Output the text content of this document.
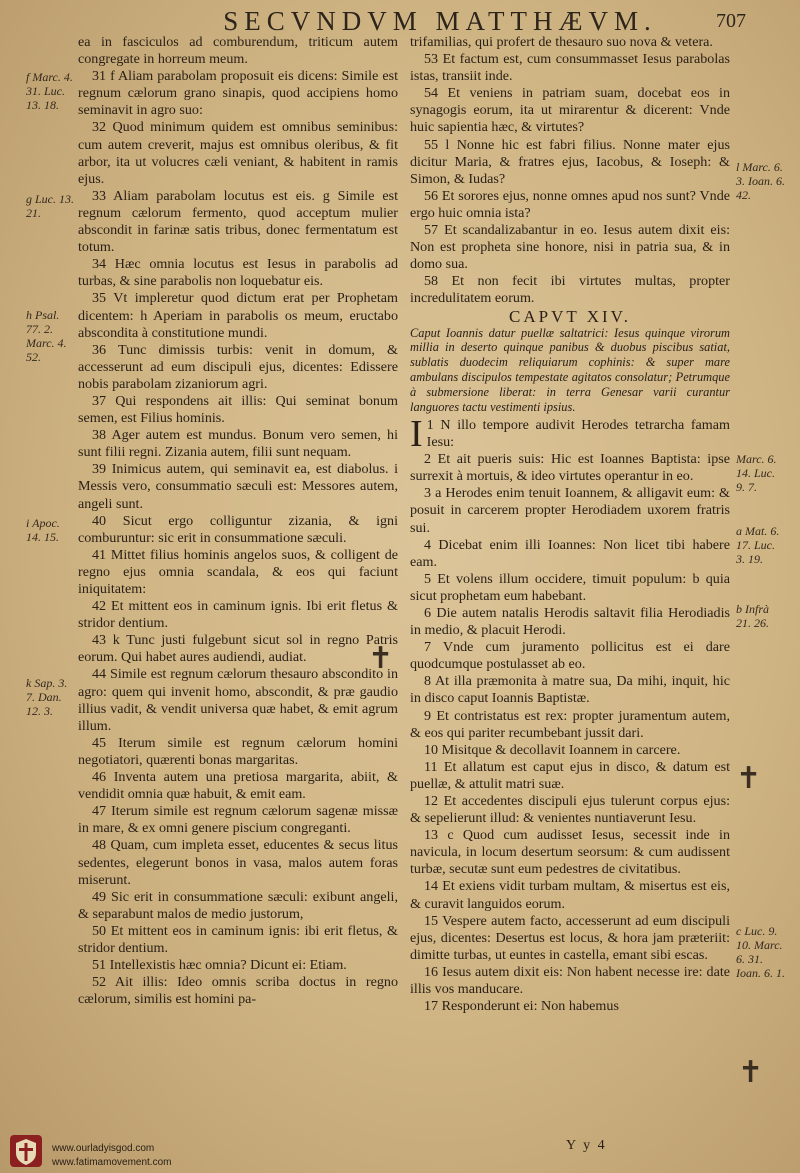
SECVNDVM MATTHÆVM.	707
f Marc. 4. 31. Luc. 13. 18.
g Luc. 13. 21.
h Psal. 77. 2. Marc. 4. 52.
i Apoc. 14. 15.
k Sap. 3. 7. Dan. 12. 3.
l Marc. 6. 3. Ioan. 6. 42.
Marc. 6. 14. Luc. 9. 7.
a Mat. 6. 17. Luc. 3. 19.
b Infrà 21. 26.
c Luc. 9. 10. Marc. 6. 31. Ioan. 6. 1.
✝
✝
✝

ea in fasciculos ad comburendum, triticum autem congregate in horreum meum.

31 f Aliam parabolam proposuit eis dicens: Simile est regnum cælorum grano sinapis, quod accipiens homo seminavit in agro suo:

32 Quod minimum quidem est omnibus seminibus: cum autem creverit, majus est omnibus oleribus, & fit arbor, ita ut volucres cæli veniant, & habitent in ramis ejus.

33 Aliam parabolam locutus est eis. g Simile est regnum cælorum fermento, quod acceptum mulier abscondit in farinæ satis tribus, donec fermentatum est totum.

34 Hæc omnia locutus est Iesus in parabolis ad turbas, & sine parabolis non loquebatur eis.

35 Vt impleretur quod dictum erat per Prophetam dicentem: h Aperiam in parabolis os meum, eructabo abscondita à constitutione mundi.

36 Tunc dimissis turbis: venit in domum, & accesserunt ad eum discipuli ejus, dicentes: Edissere nobis parabolam zizaniorum agri.

37 Qui respondens ait illis: Qui seminat bonum semen, est Filius hominis.

38 Ager autem est mundus. Bonum vero semen, hi sunt filii regni. Zizania autem, filii sunt nequam.

39 Inimicus autem, qui seminavit ea, est diabolus. i Messis vero, consummatio sæculi est: Messores autem, angeli sunt.

40 Sicut ergo colliguntur zizania, & igni comburuntur: sic erit in consummatione sæculi.

41 Mittet filius hominis angelos suos, & colligent de regno ejus omnia scandala, & eos qui faciunt iniquitatem:

42 Et mittent eos in caminum ignis. Ibi erit fletus & stridor dentium.

43 k Tunc justi fulgebunt sicut sol in regno Patris eorum. Qui habet aures audiendi, audiat.

44 Simile est regnum cælorum thesauro abscondito in agro: quem qui invenit homo, abscondit, & præ gaudio illius vadit, & vendit universa quæ habet, & emit agrum illum.

45 Iterum simile est regnum cælorum homini negotiatori, quærenti bonas margaritas.

46 Inventa autem una pretiosa margarita, abiit, & vendidit omnia quæ habuit, & emit eam.

47 Iterum simile est regnum cælorum sagenæ missæ in mare, & ex omni genere piscium congreganti.

48 Quam, cum impleta esset, educentes & secus litus sedentes, elegerunt bonos in vasa, malos autem foras miserunt.

49 Sic erit in consummatione sæculi: exibunt angeli, & separabunt malos de medio justorum,

50 Et mittent eos in caminum ignis: ibi erit fletus, & stridor dentium.

51 Intellexistis hæc omnia? Dicunt ei: Etiam.

52 Ait illis: Ideo omnis scriba doctus in regno cælorum, similis est homini pa-

trifamilias, qui profert de thesauro suo nova & vetera.

53 Et factum est, cum consummasset Iesus parabolas istas, transiit inde.

54 Et veniens in patriam suam, docebat eos in synagogis eorum, ita ut mirarentur & dicerent: Vnde huic sapientia hæc, & virtutes?

55 l Nonne hic est fabri filius. Nonne mater ejus dicitur Maria, & fratres ejus, Iacobus, & Ioseph: & Simon, & Iudas?

56 Et sorores ejus, nonne omnes apud nos sunt? Vnde ergo huic omnia ista?

57 Et scandalizabantur in eo. Iesus autem dixit eis: Non est propheta sine honore, nisi in patria sua, & in domo sua.

58 Et non fecit ibi virtutes multas, propter incredulitatem eorum.

CAPVT XIV.

Caput Ioannis datur puellæ saltatrici: Iesus quinque virorum millia in deserto quinque panibus & duobus piscibus satiat, sublatis duodecim reliquiarum cophinis: & super mare ambulans discipulos tempestate agitatos consolatur; Petrumque à submersione liberat: in terra Genesar varii curantur languores tactu vestimenti ipsius.

I 1 N illo tempore audivit Herodes tetrarcha famam Iesu:

2 Et ait pueris suis: Hic est Ioannes Baptista: ipse surrexit à mortuis, & ideo virtutes operantur in eo.

3 a Herodes enim tenuit Ioannem, & alligavit eum: & posuit in carcerem propter Herodiadem uxorem fratris sui.

4 Dicebat enim illi Ioannes: Non licet tibi habere eam.

5 Et volens illum occidere, timuit populum: b quia sicut prophetam eum habebant.

6 Die autem natalis Herodis saltavit filia Herodiadis in medio, & placuit Herodi.

7 Vnde cum juramento pollicitus est ei dare quodcumque postulasset ab eo.

8 At illa præmonita à matre sua, Da mihi, inquit, hic in disco caput Ioannis Baptistæ.

9 Et contristatus est rex: propter juramentum autem, & eos qui pariter recumbebant jussit dari.

10 Misitque & decollavit Ioannem in carcere.

11 Et allatum est caput ejus in disco, & datum est puellæ, & attulit matri suæ.

12 Et accedentes discipuli ejus tulerunt corpus ejus: & sepelierunt illud: & venientes nuntiaverunt Iesu.

13 c Quod cum audisset Iesus, secessit inde in navicula, in locum desertum seorsum: & cum audissent turbæ, secutæ sunt eum pedestres de civitatibus.

14 Et exiens vidit turbam multam, & misertus est eis, & curavit languidos eorum.

15 Vespere autem facto, accesserunt ad eum discipuli ejus, dicentes: Desertus est locus, & hora jam præteriit: dimitte turbas, ut euntes in castella, emant sibi escas.

16 Iesus autem dixit eis: Non habent necesse ire: date illis vos manducare.

17 Responderunt ei: Non habemus

Y y 4
www.ourladyisgod.com
www.fatimamovement.com
